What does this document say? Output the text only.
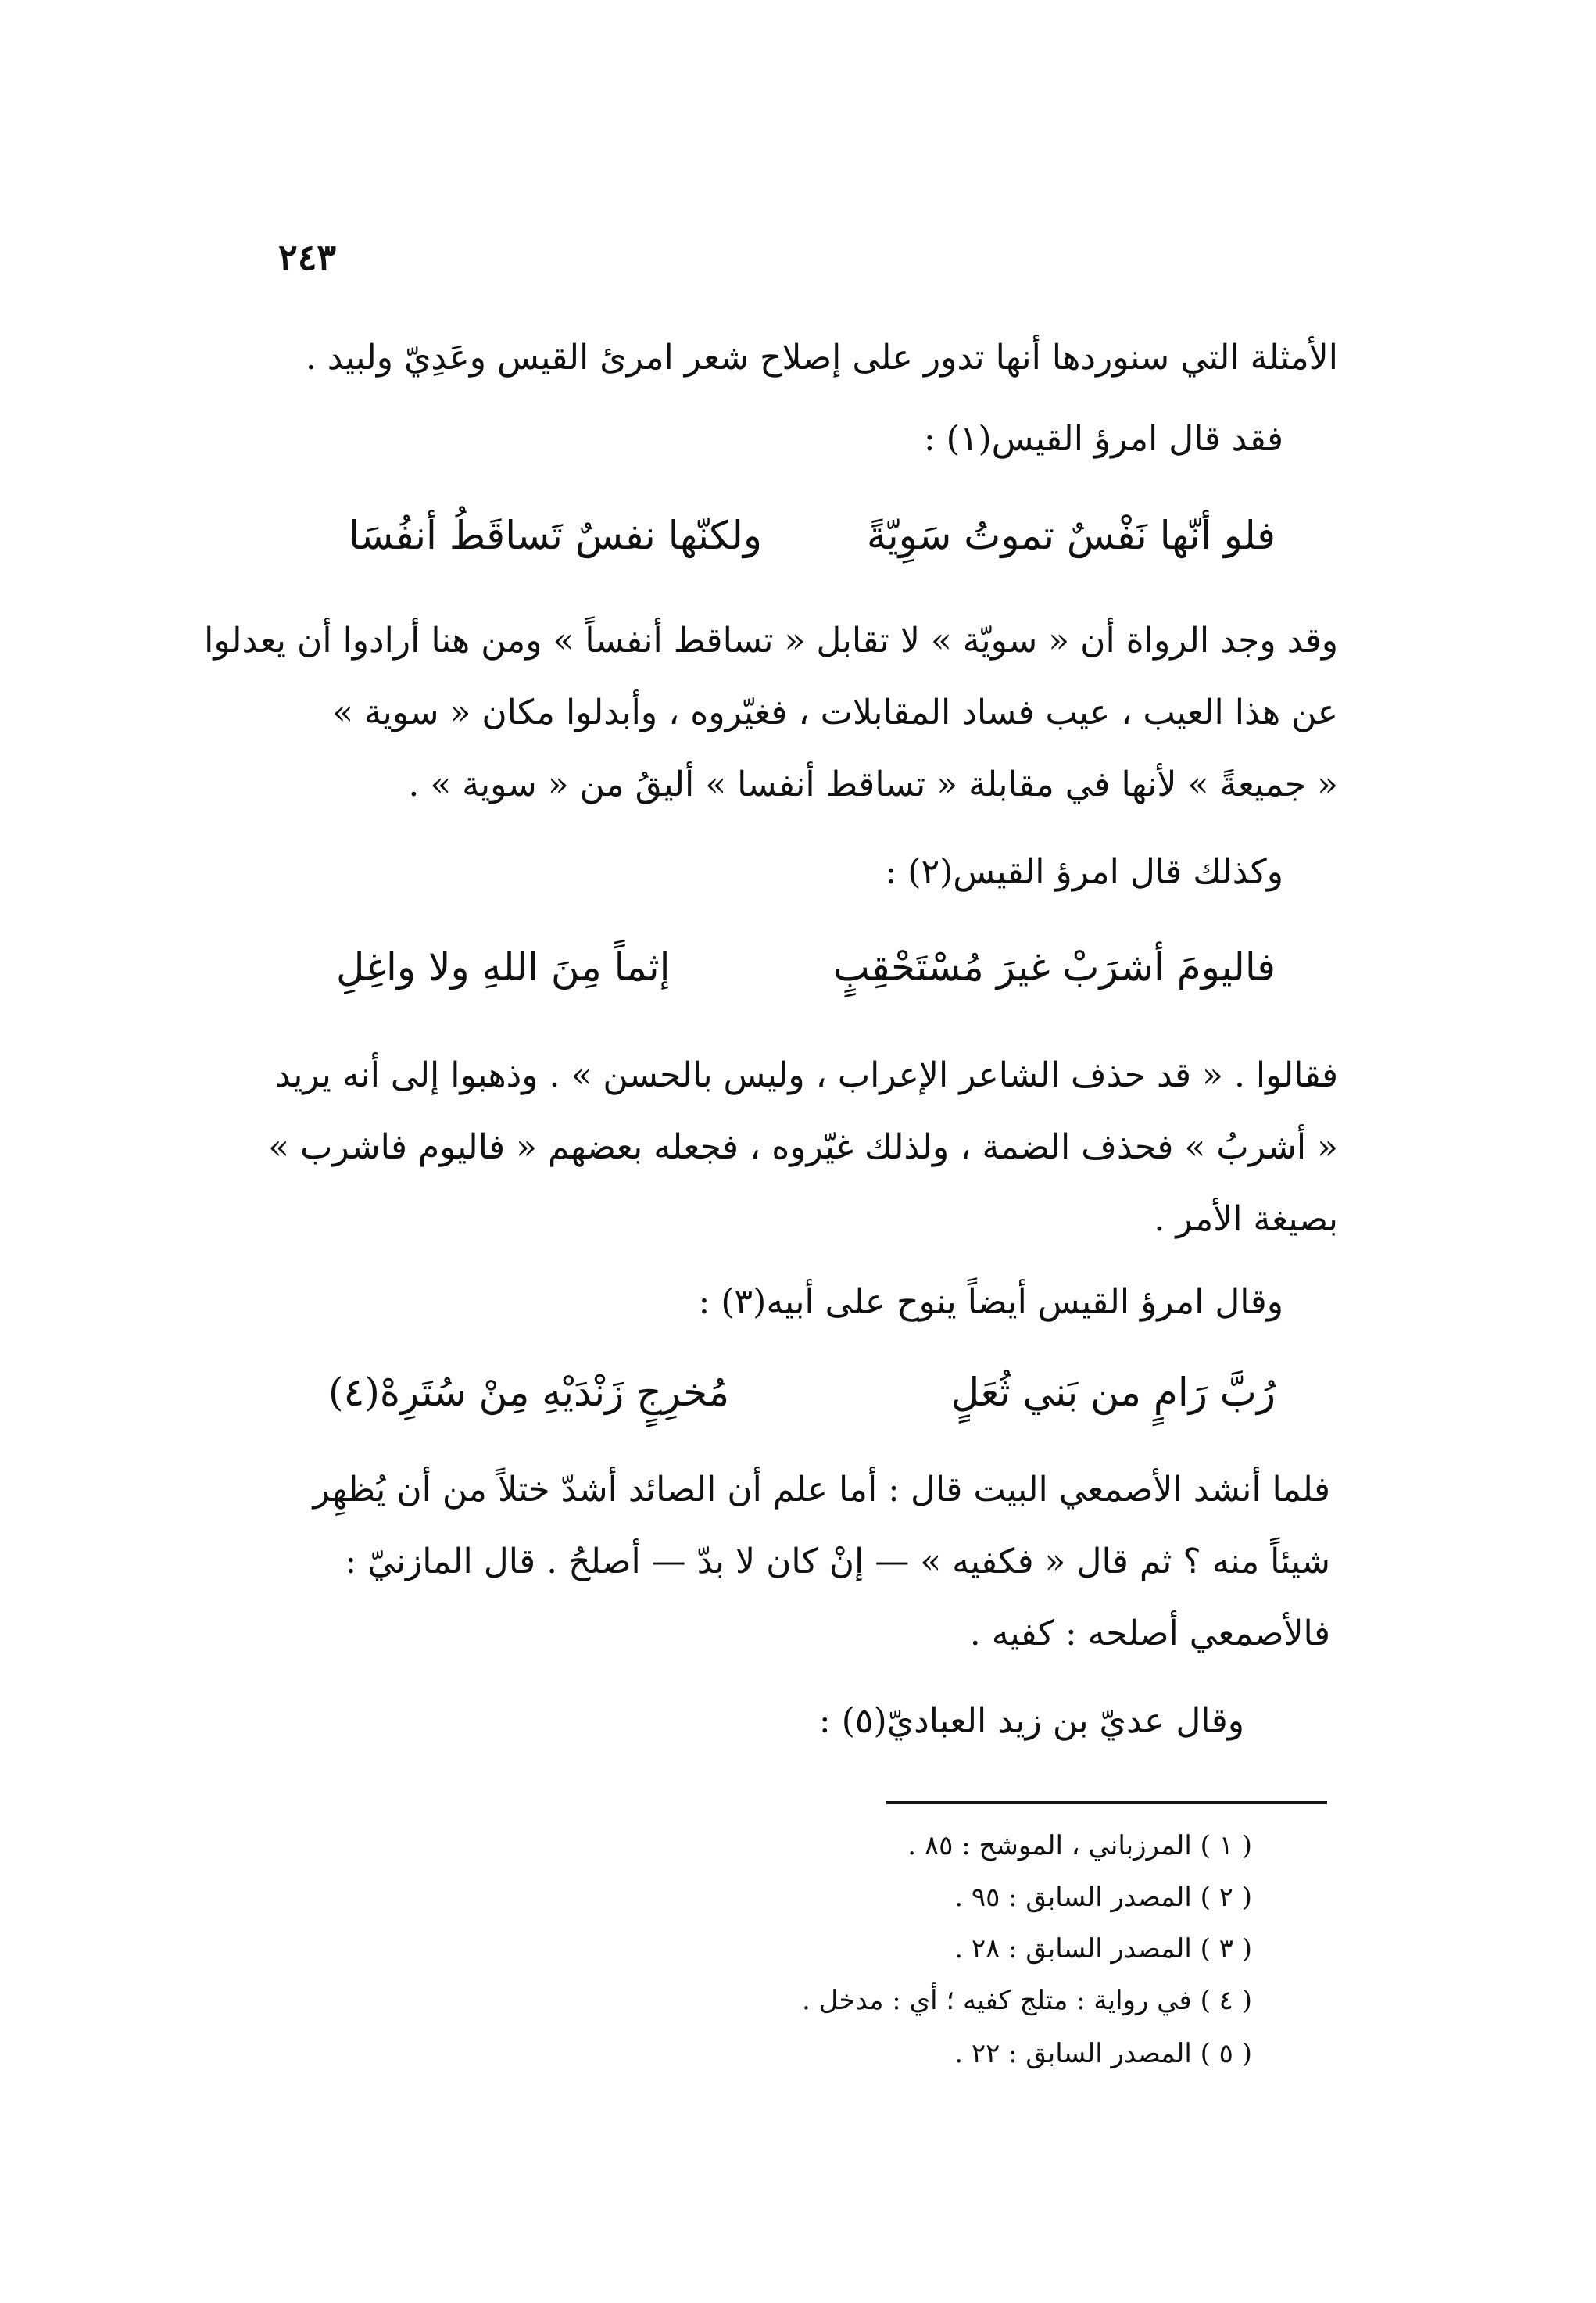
٢٤٣
الأمثلة التي سنوردها أنها تدور على إصلاح شعر امرئ القيس وعَدِيّ ولبيد .
فقد قال امرؤ القيس(١) :
فلو أنّها نَفْسٌ تموتُ سَوِيّةً
ولكنّها نفسٌ تَساقَطُ أنفُسَا
وقد وجد الرواة أن « سويّة » لا تقابل « تساقط أنفساً » ومن هنا أرادوا أن يعدلوا
عن هذا العيب ، عيب فساد المقابلات ، فغيّروه ، وأبدلوا مكان « سوية »
« جميعةً » لأنها في مقابلة « تساقط أنفسا » أليقُ من « سوية » .
وكذلك قال امرؤ القيس(٢) :
فاليومَ أشرَبْ غيرَ مُسْتَحْقِبٍ
إثماً مِنَ اللهِ ولا واغِلِ
فقالوا . « قد حذف الشاعر الإعراب ، وليس بالحسن » . وذهبوا إلى أنه يريد
« أشربُ » فحذف الضمة ، ولذلك غيّروه ، فجعله بعضهم « فاليوم فاشرب »
بصيغة الأمر .
وقال امرؤ القيس أيضاً ينوح على أبيه(٣) :
رُبَّ رَامٍ من بَني ثُعَلٍ
مُخرِجٍ زَنْدَيْهِ مِنْ سُتَرِهْ(٤)
فلما أنشد الأصمعي البيت قال : أما علم أن الصائد أشدّ ختلاً من أن يُظهِر
شيئاً منه ؟ ثم قال « فكفيه » — إنْ كان لا بدّ — أصلحُ . قال المازنيّ :
فالأصمعي أصلحه : كفيه .
وقال عديّ بن زيد العباديّ(٥) :
( ١ ) المرزباني ، الموشح : ٨٥ .
( ٢ ) المصدر السابق : ٩٥ .
( ٣ ) المصدر السابق : ٢٨ .
( ٤ ) في رواية : متلج كفيه ؛ أي : مدخل .
( ٥ ) المصدر السابق : ٢٢ .
